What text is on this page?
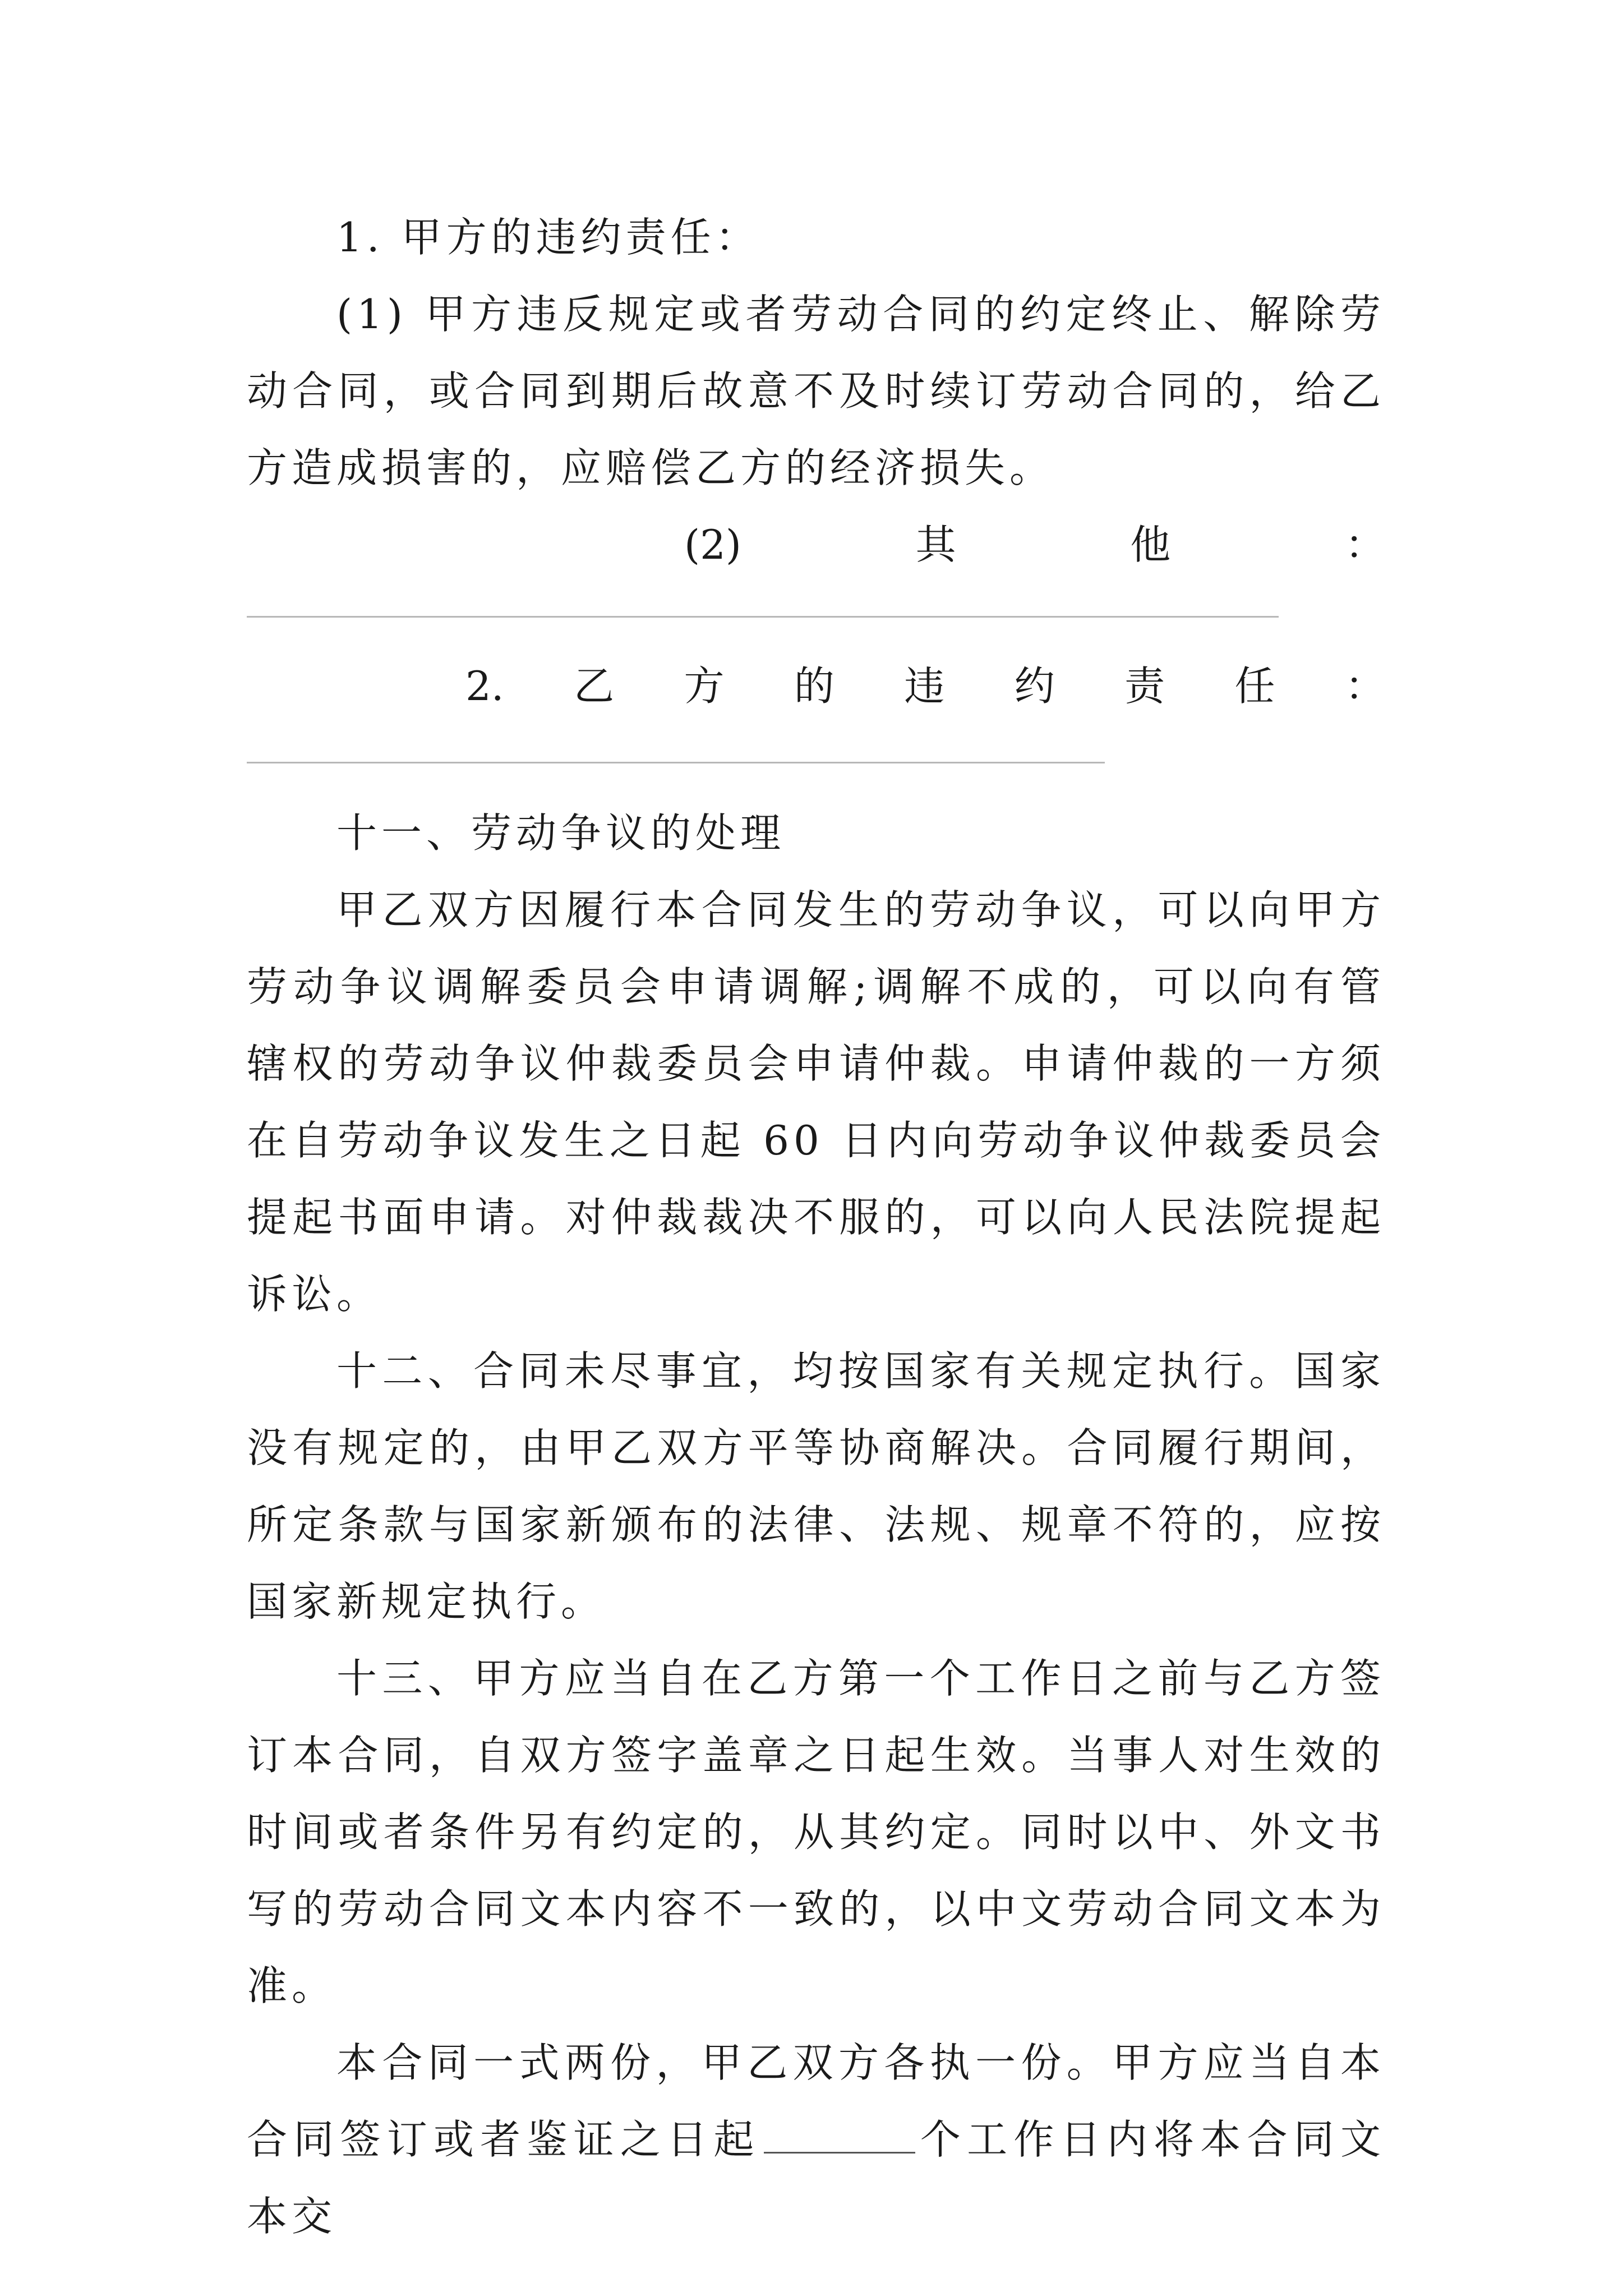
1. 甲方的违约责任：

(1) 甲方违反规定或者劳动合同的约定终止、解除劳动合同，或合同到期后故意不及时续订劳动合同的，给乙方造成损害的，应赔偿乙方的经济损失。

(2)	其	他	：
2. 乙 方 的 违 约 责 任 ：

十一、劳动争议的处理

甲乙双方因履行本合同发生的劳动争议，可以向甲方劳动争议调解委员会申请调解;调解不成的，可以向有管辖权的劳动争议仲裁委员会申请仲裁。申请仲裁的一方须在自劳动争议发生之日起 60 日内向劳动争议仲裁委员会提起书面申请。对仲裁裁决不服的，可以向人民法院提起诉讼。

十二、合同未尽事宜，均按国家有关规定执行。国家没有规定的，由甲乙双方平等协商解决。合同履行期间，所定条款与国家新颁布的法律、法规、规章不符的，应按国家新规定执行。

十三、甲方应当自在乙方第一个工作日之前与乙方签订本合同，自双方签字盖章之日起生效。当事人对生效的时间或者条件另有约定的，从其约定。同时以中、外文书写的劳动合同文本内容不一致的，以中文劳动合同文本为准。

本合同一式两份，甲乙双方各执一份。甲方应当自本合同签订或者鉴证之日起	个工作日内将本合同文本交
